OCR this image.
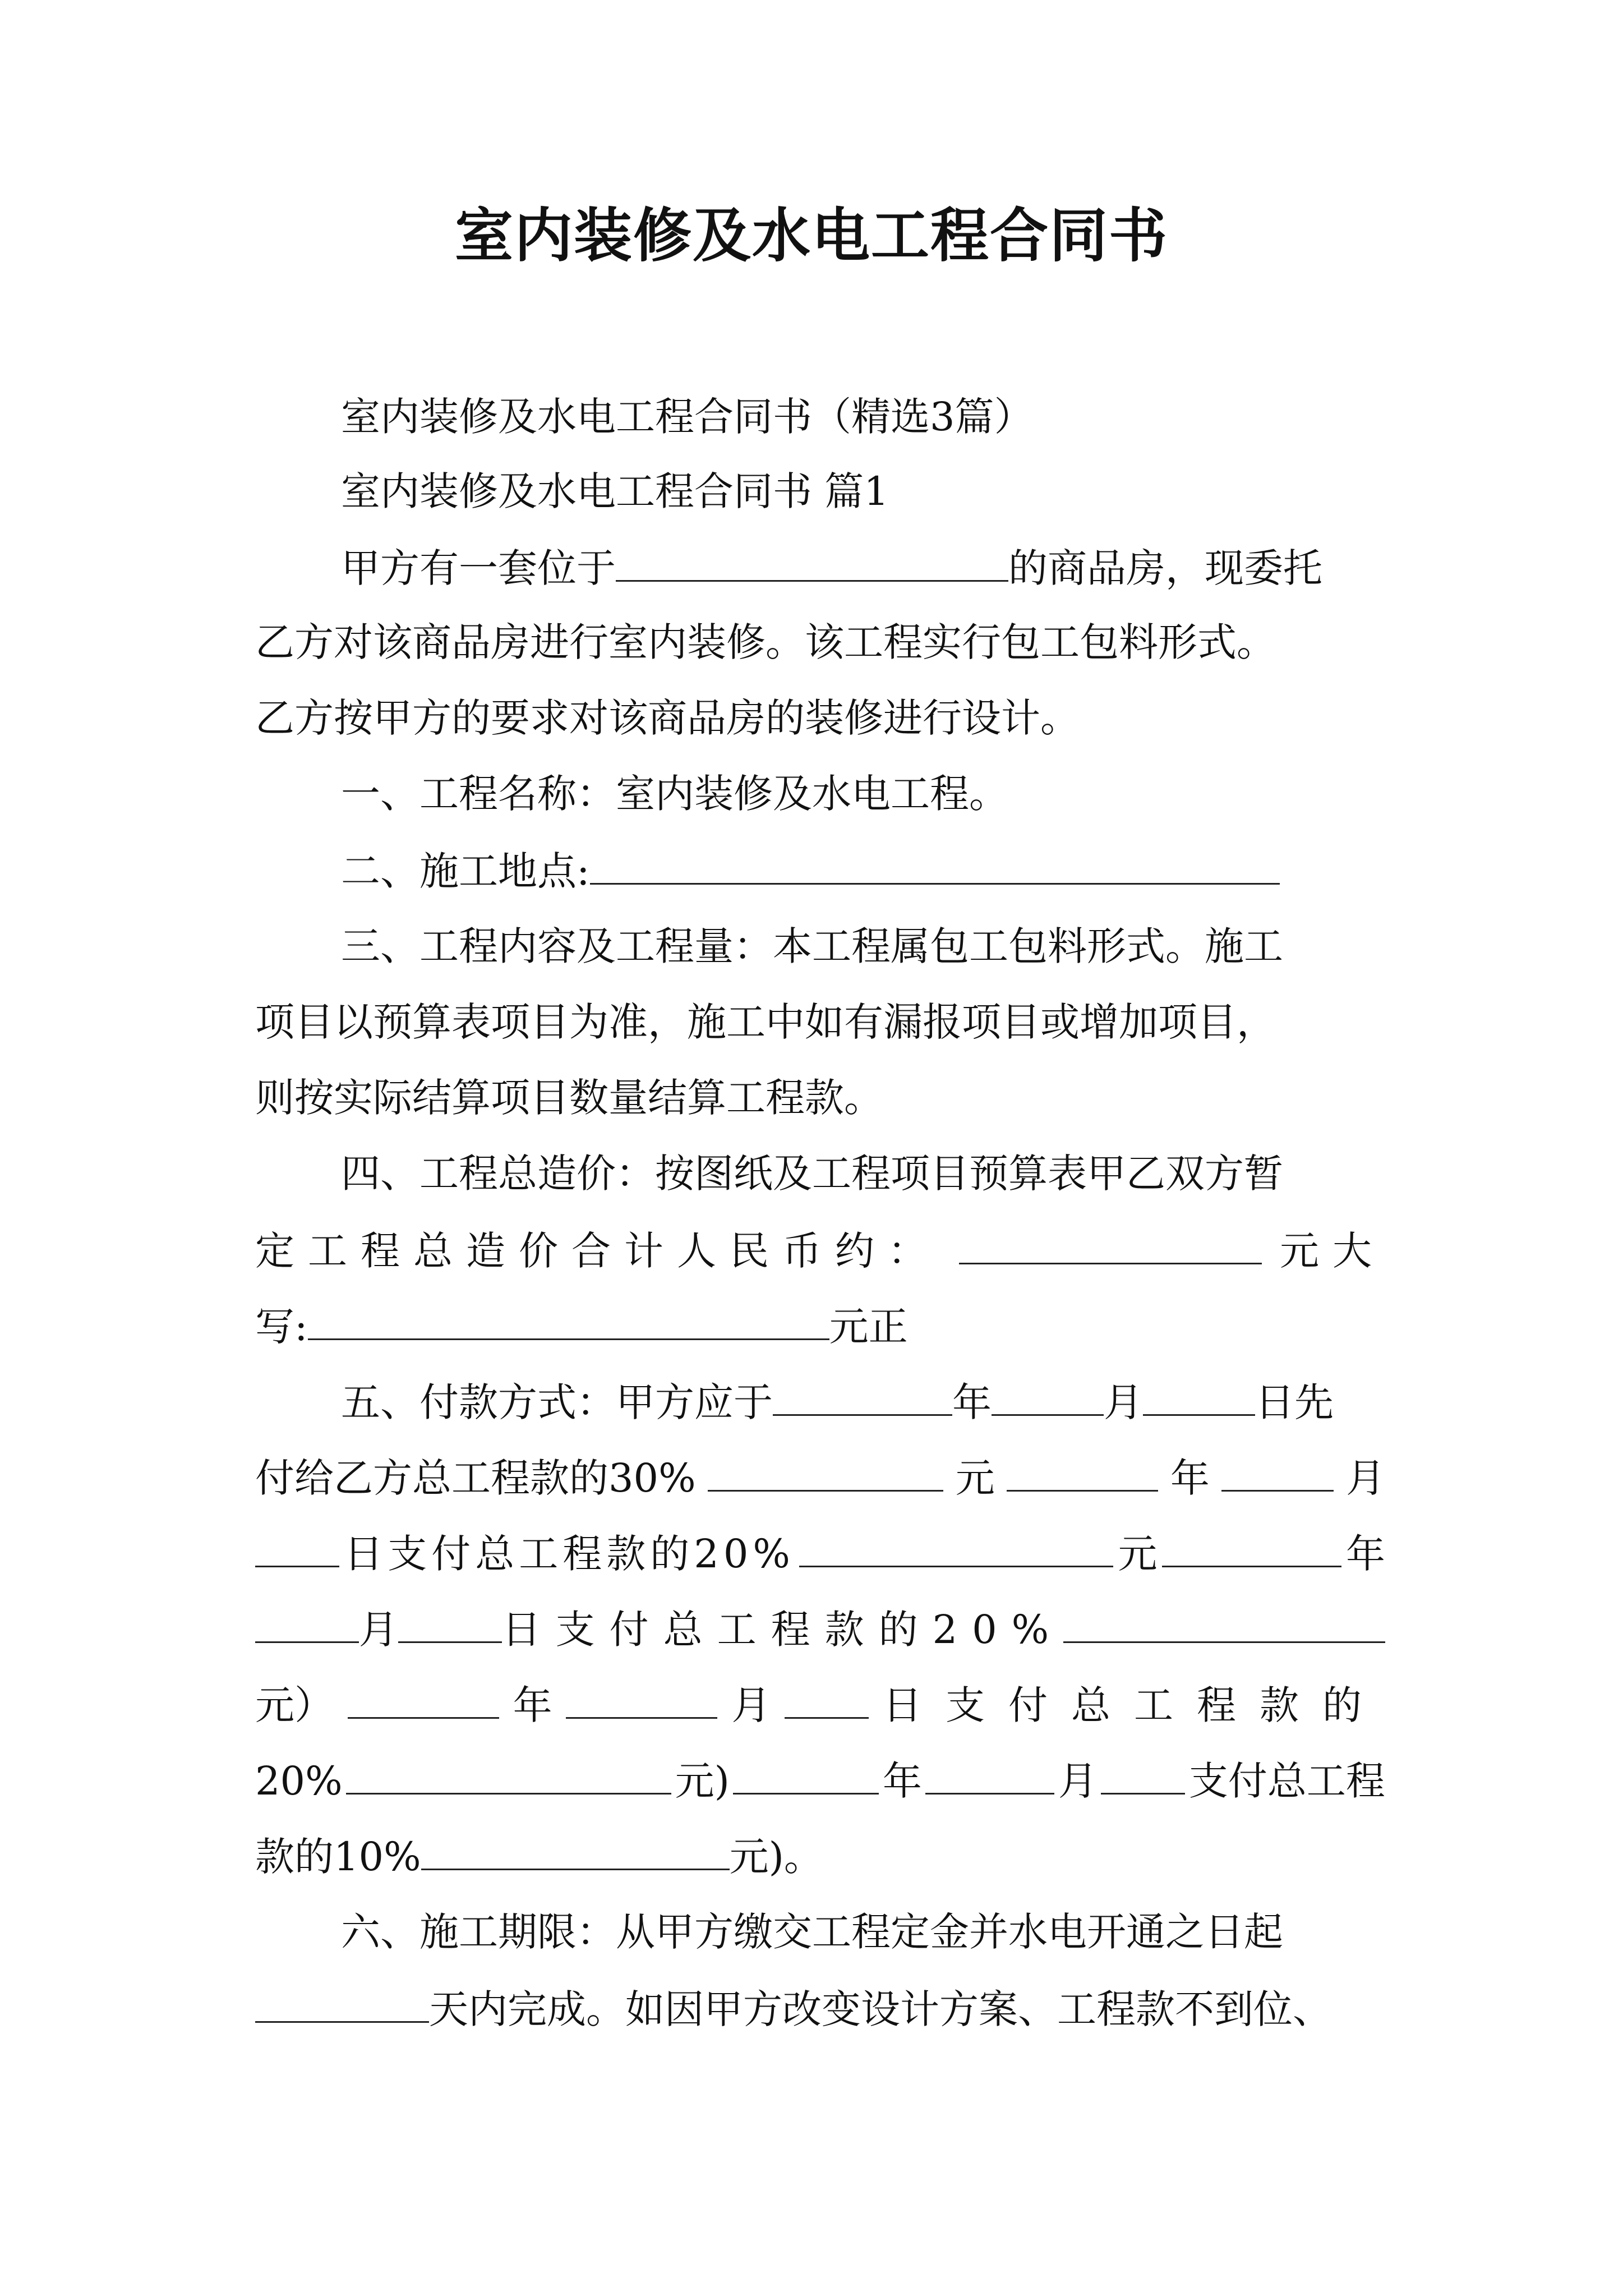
室内装修及水电工程合同书
室内装修及水电工程合同书（精选3篇）
室内装修及水电工程合同书 篇1
甲方有一套位于	的商品房，现委托
乙方对该商品房进行室内装修。该工程实行包工包料形式。
乙方按甲方的要求对该商品房的装修进行设计。
一、工程名称：室内装修及水电工程。
二、施工地点:
三、工程内容及工程量：本工程属包工包料形式。施工
项目以预算表项目为准，施工中如有漏报项目或增加项目，
则按实际结算项目数量结算工程款。
四、工程总造价：按图纸及工程项目预算表甲乙双方暂
定工程总造价合计人民币约：	元大
写:	元正
五、付款方式：甲方应于	年	月	日先
付给乙方总工程款的30%	元	年	月
日支付总工程款的20%	元	年
月	日支付总工程款的20%
元）	年	月	日支付总工程款的
20%	元)	年	月 支付总工程
款的10%	元)。
六、施工期限：从甲方缴交工程定金并水电开通之日起
天内完成。如因甲方改变设计方案、工程款不到位、
